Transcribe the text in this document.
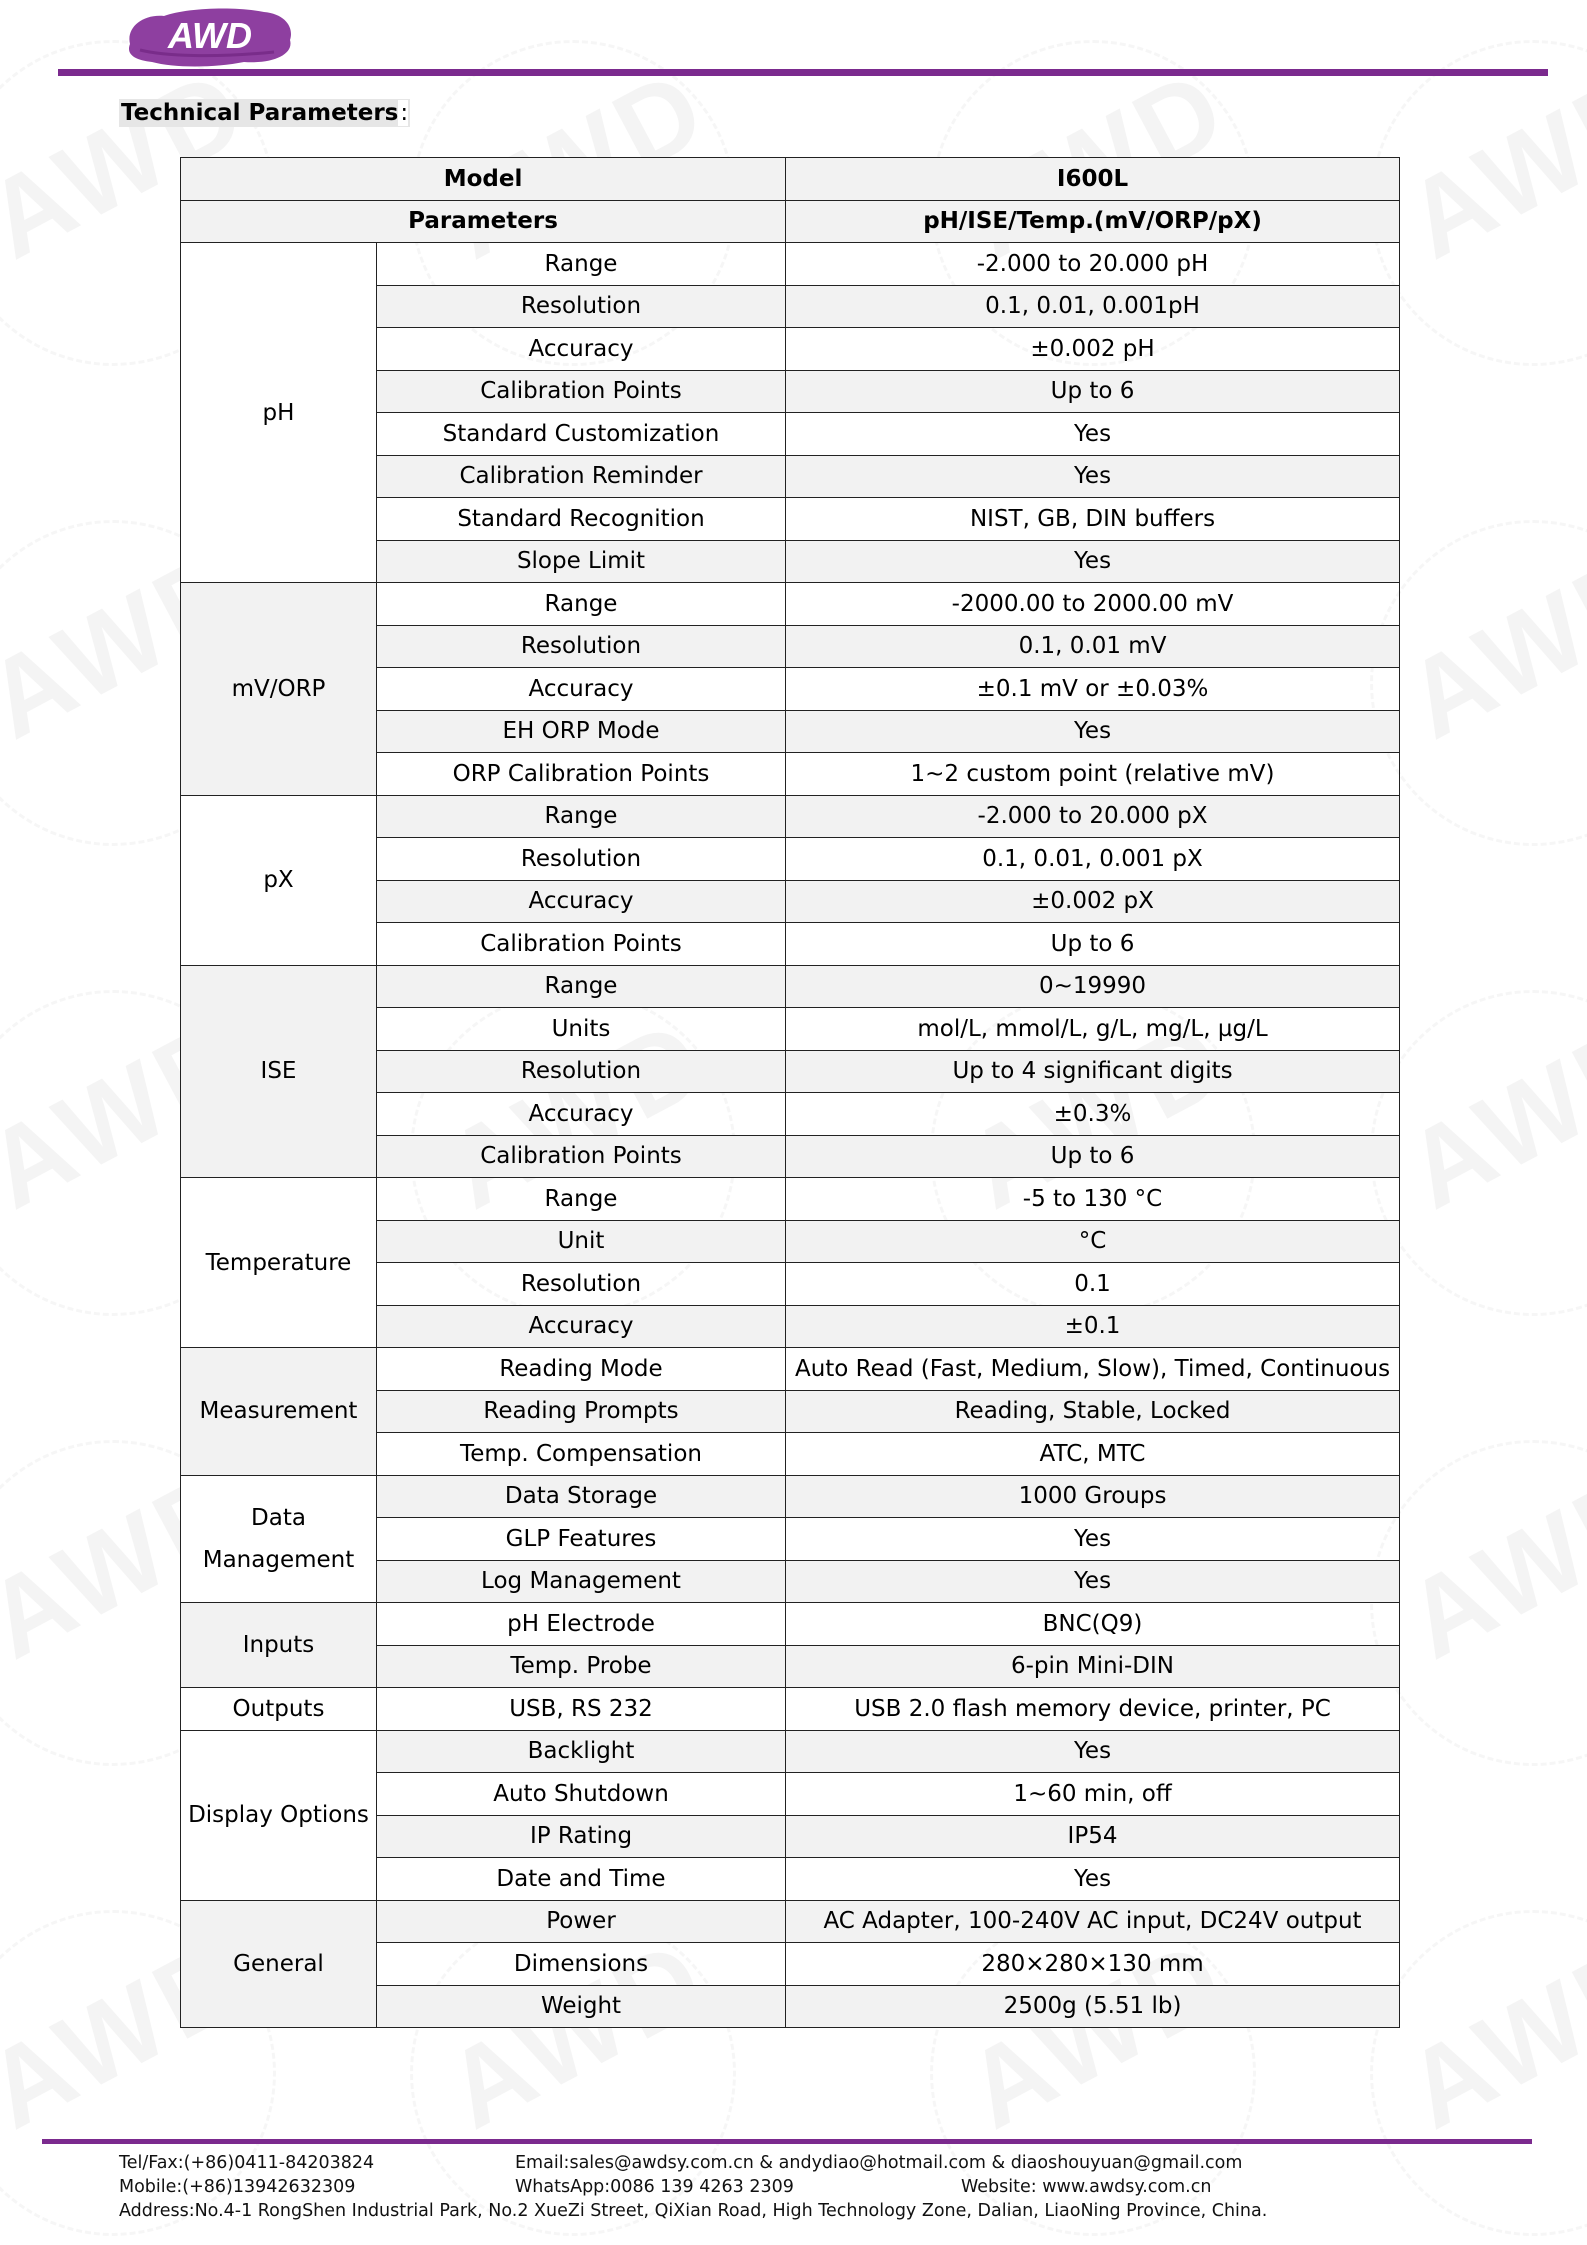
AWD
Technical Parameters:
Model		I600L
Parameters		pH/ISE/Temp.(mV/ORP/pX)
pH	Range	-2.000 to 20.000 pH
	Resolution	0.1, 0.01, 0.001pH
	Accuracy	±0.002 pH
	Calibration Points	Up to 6
	Standard Customization	Yes
	Calibration Reminder	Yes
	Standard Recognition	NIST, GB, DIN buffers
	Slope Limit	Yes
mV/ORP	Range	-2000.00 to 2000.00 mV
	Resolution	0.1, 0.01 mV
	Accuracy	±0.1 mV or ±0.03%
	EH ORP Mode	Yes
	ORP Calibration Points	1~2 custom point (relative mV)
pX	Range	-2.000 to 20.000 pX
	Resolution	0.1, 0.01, 0.001 pX
	Accuracy	±0.002 pX
	Calibration Points	Up to 6
ISE	Range	0~19990
	Units	mol/L, mmol/L, g/L, mg/L, µg/L
	Resolution	Up to 4 significant digits
	Accuracy	±0.3%
	Calibration Points	Up to 6
Temperature	Range	-5 to 130 °C
	Unit	°C
	Resolution	0.1
	Accuracy	±0.1
Measurement	Reading Mode	Auto Read (Fast, Medium, Slow), Timed, Continuous
	Reading Prompts	Reading, Stable, Locked
	Temp. Compensation	ATC, MTC
Data Management	Data Storage	1000 Groups
	GLP Features	Yes
	Log Management	Yes
Inputs	pH Electrode	BNC(Q9)
	Temp. Probe	6-pin Mini-DIN
Outputs	USB, RS 232	USB 2.0 flash memory device, printer, PC
Display Options	Backlight	Yes
	Auto Shutdown	1~60 min, off
	IP Rating	IP54
	Date and Time	Yes
General	Power	AC Adapter, 100-240V AC input, DC24V output
	Dimensions	280×280×130 mm
	Weight	2500g (5.51 lb)
Tel/Fax:(+86)0411-84203824	Email:sales@awdsy.com.cn & andydiao@hotmail.com & diaoshouyuan@gmail.com
Mobile:(+86)13942632309	WhatsApp:0086 139 4263 2309	Website: www.awdsy.com.cn
Address:No.4-1 RongShen Industrial Park, No.2 XueZi Street, QiXian Road, High Technology Zone, Dalian, LiaoNing Province, China.
